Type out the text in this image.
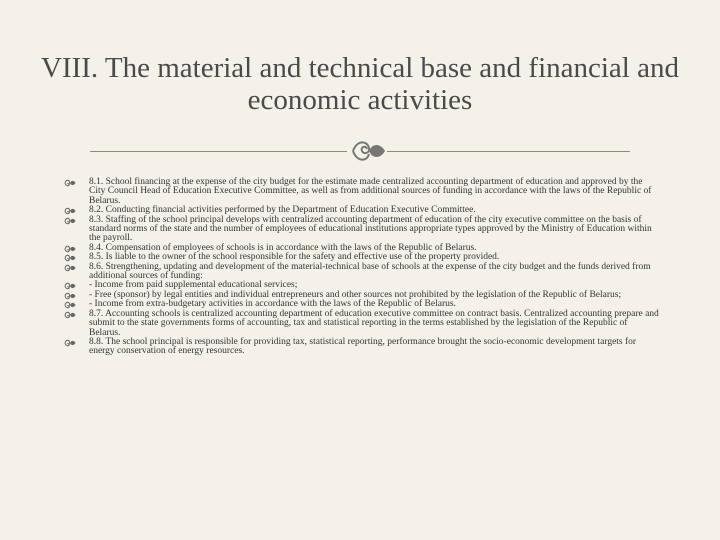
VIII. The material and technical base and financial and economic activities
8.1. School financing at the expense of the city budget for the estimate made centralized accounting department of education and approved by the City Council Head of Education Executive Committee, as well as from additional sources of funding in accordance with the laws of the Republic of Belarus.
8.2. Conducting financial activities performed by the Department of Education Executive Committee.
8.3. Staffing of the school principal develops with centralized accounting department of education of the city executive committee on the basis of standard norms of the state and the number of employees of educational institutions appropriate types approved by the Ministry of Education within the payroll.
8.4. Compensation of employees of schools is in accordance with the laws of the Republic of Belarus.
8.5. Is liable to the owner of the school responsible for the safety and effective use of the property provided.
8.6. Strengthening, updating and development of the material-technical base of schools at the expense of the city budget and the funds derived from additional sources of funding:
- Income from paid supplemental educational services;
- Free (sponsor) by legal entities and individual entrepreneurs and other sources not prohibited by the legislation of the Republic of Belarus;
- Income from extra-budgetary activities in accordance with the laws of the Republic of Belarus.
8.7. Accounting schools is centralized accounting department of education executive committee on contract basis. Centralized accounting prepare and submit to the state governments forms of accounting, tax and statistical reporting in the terms established by the legislation of the Republic of Belarus.
8.8. The school principal is responsible for providing tax, statistical reporting, performance brought the socio-economic development targets for energy conservation of energy resources.
